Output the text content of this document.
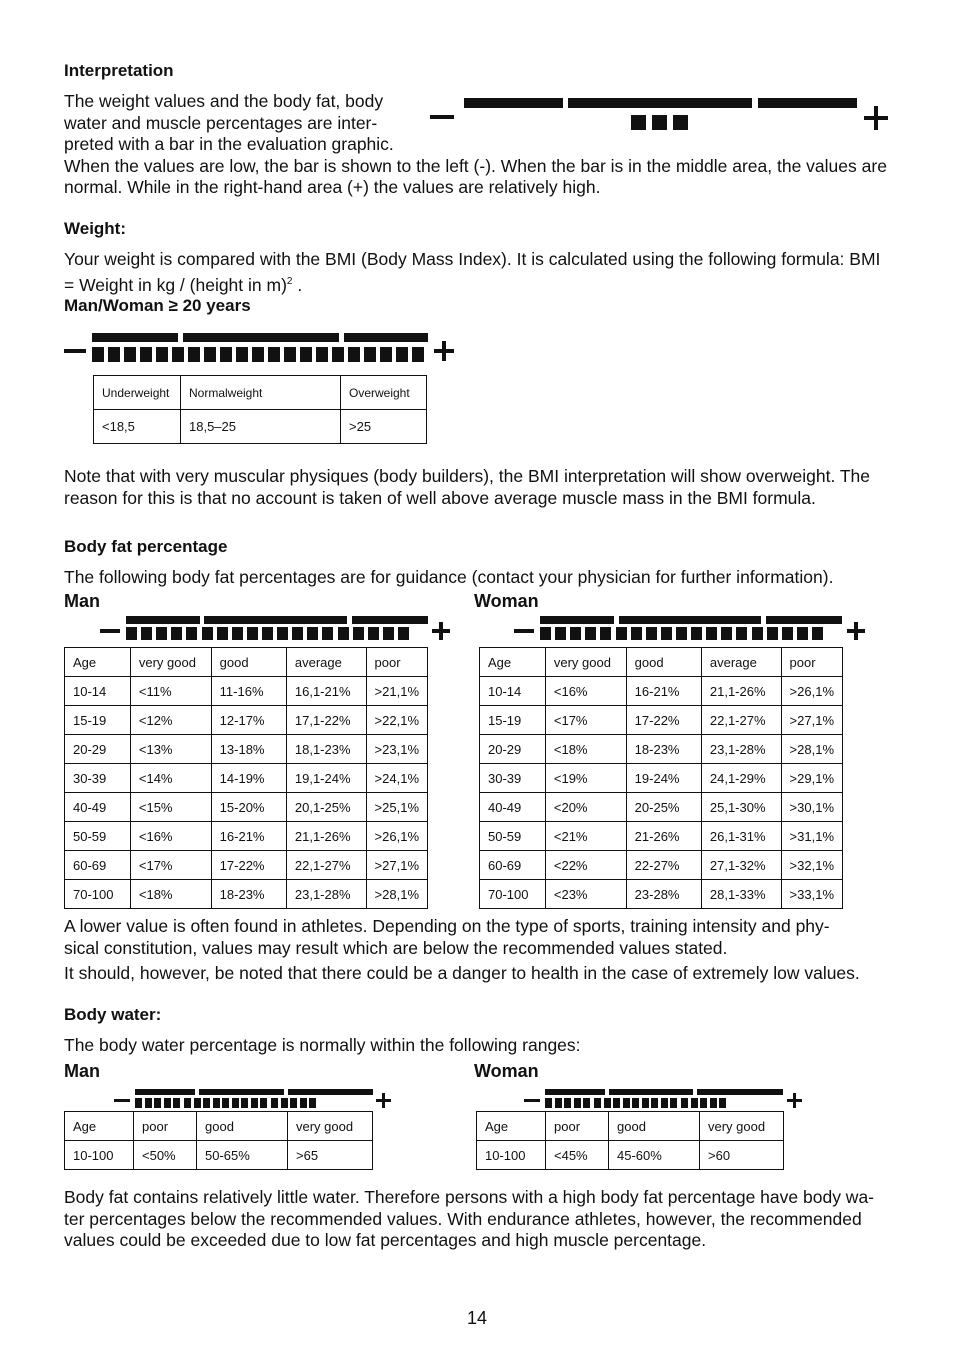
Interpretation
The weight values and the body fat, body
water and muscle percentages are inter-
preted with a bar in the evaluation graphic.
When the values are low, the bar is shown to the left (-). When the bar is in the middle area, the values are
normal. While in the right-hand area (+) the values are relatively high.
Weight:
Your weight is compared with the BMI (Body Mass Index). It is calculated using the following formula: BMI
= Weight in kg / (height in m)$^2$ .
Man/Woman ≥ 20 years
Underweight	Normalweight	Overweight
<18,5	18,5–25	>25
Note that with very muscular physiques (body builders), the BMI interpretation will show overweight. The
reason for this is that no account is taken of well above average muscle mass in the BMI formula.
Body fat percentage
The following body fat percentages are for guidance (contact your physician for further information).
Man	Woman
Age	very good	good	average	poor
10-14	<11%	11-16%	16,1-21%	>21,1%
15-19	<12%	12-17%	17,1-22%	>22,1%
20-29	<13%	13-18%	18,1-23%	>23,1%
30-39	<14%	14-19%	19,1-24%	>24,1%
40-49	<15%	15-20%	20,1-25%	>25,1%
50-59	<16%	16-21%	21,1-26%	>26,1%
60-69	<17%	17-22%	22,1-27%	>27,1%
70-100	<18%	18-23%	23,1-28%	>28,1%
Age	very good	good	average	poor
10-14	<16%	16-21%	21,1-26%	>26,1%
15-19	<17%	17-22%	22,1-27%	>27,1%
20-29	<18%	18-23%	23,1-28%	>28,1%
30-39	<19%	19-24%	24,1-29%	>29,1%
40-49	<20%	20-25%	25,1-30%	>30,1%
50-59	<21%	21-26%	26,1-31%	>31,1%
60-69	<22%	22-27%	27,1-32%	>32,1%
70-100	<23%	23-28%	28,1-33%	>33,1%
A lower value is often found in athletes. Depending on the type of sports, training intensity and phy-
sical constitution, values may result which are below the recommended values stated.
It should, however, be noted that there could be a danger to health in the case of extremely low values.
Body water:
The body water percentage is normally within the following ranges:
Man	Woman
Age	poor	good	very good
10-100	<50%	50-65%	>65
Age	poor	good	very good
10-100	<45%	45-60%	>60
Body fat contains relatively little water. Therefore persons with a high body fat percentage have body wa-
ter percentages below the recommended values. With endurance athletes, however, the recommended
values could be exceeded due to low fat percentages and high muscle percentage.
14
